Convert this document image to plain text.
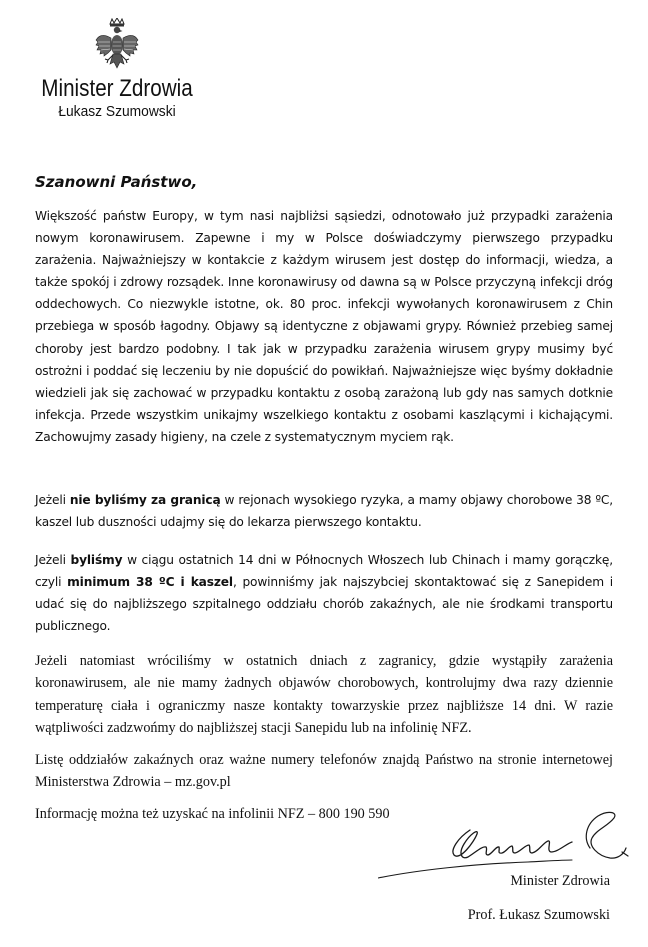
Minister Zdrowia
Łukasz Szumowski
Szanowni Państwo,

Większość państw Europy, w tym nasi najbliżsi sąsiedzi, odnotowało już przypadki zarażenia nowym koronawirusem. Zapewne i my w Polsce doświadczymy pierwszego przypadku zarażenia. Najważniejszy w kontakcie z każdym wirusem jest dostęp do informacji, wiedza, a także spokój i zdrowy rozsądek. Inne koronawirusy od dawna są w Polsce przyczyną infekcji dróg oddechowych. Co niezwykle istotne, ok. 80 proc. infekcji wywołanych koronawirusem z Chin przebiega w sposób łagodny. Objawy są identyczne z objawami grypy. Również przebieg samej choroby jest bardzo podobny. I tak jak w przypadku zarażenia wirusem grypy musimy być ostrożni i poddać się leczeniu by nie dopuścić do powikłań. Najważniejsze więc byśmy dokładnie wiedzieli jak się zachować w przypadku kontaktu z osobą zarażoną lub gdy nas samych dotknie infekcja. Przede wszystkim unikajmy wszelkiego kontaktu z osobami kaszlącymi i kichającymi. Zachowujmy zasady higieny, na czele z systematycznym myciem rąk.

Jeżeli nie byliśmy za granicą w rejonach wysokiego ryzyka, a mamy objawy chorobowe 38 ºC, kaszel lub duszności udajmy się do lekarza pierwszego kontaktu.

Jeżeli byliśmy w ciągu ostatnich 14 dni w Północnych Włoszech lub Chinach i mamy gorączkę, czyli minimum 38 ºC i kaszel, powinniśmy jak najszybciej skontaktować się z Sanepidem i udać się do najbliższego szpitalnego oddziału chorób zakaźnych, ale nie środkami transportu publicznego.

Jeżeli natomiast wróciliśmy w ostatnich dniach z zagranicy, gdzie wystąpiły zarażenia koronawirusem, ale nie mamy żadnych objawów chorobowych, kontrolujmy dwa razy dziennie temperaturę ciała i ograniczmy nasze kontakty towarzyskie przez najbliższe 14 dni. W razie wątpliwości zadzwońmy do najbliższej stacji Sanepidu lub na infolinię NFZ.

Listę oddziałów zakaźnych oraz ważne numery telefonów znajdą Państwo na stronie internetowej Ministerstwa Zdrowia – mz.gov.pl

Informację można też uzyskać na infolinii NFZ – 800 190 590

Minister Zdrowia
Prof. Łukasz Szumowski
